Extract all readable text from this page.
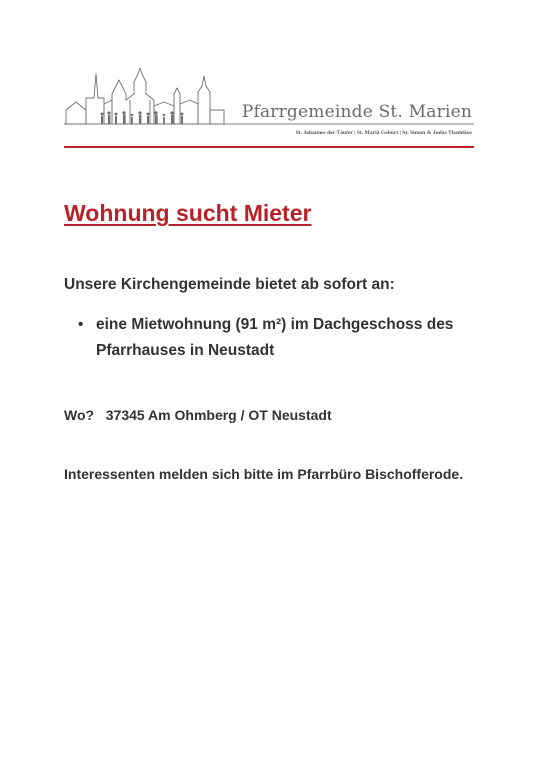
Pfarrgemeinde St. Marien
St. Johannes der Täufer | St. Mariä Geburt | St. Simon & Judas Thaddäus
Wohnung sucht Mieter

Unsere Kirchengemeinde bietet ab sofort an:

• eine Mietwohnung (91 m²) im Dachgeschoss des Pfarrhauses in Neustadt

Wo? 37345 Am Ohmberg / OT Neustadt

Interessenten melden sich bitte im Pfarrbüro Bischofferode.
